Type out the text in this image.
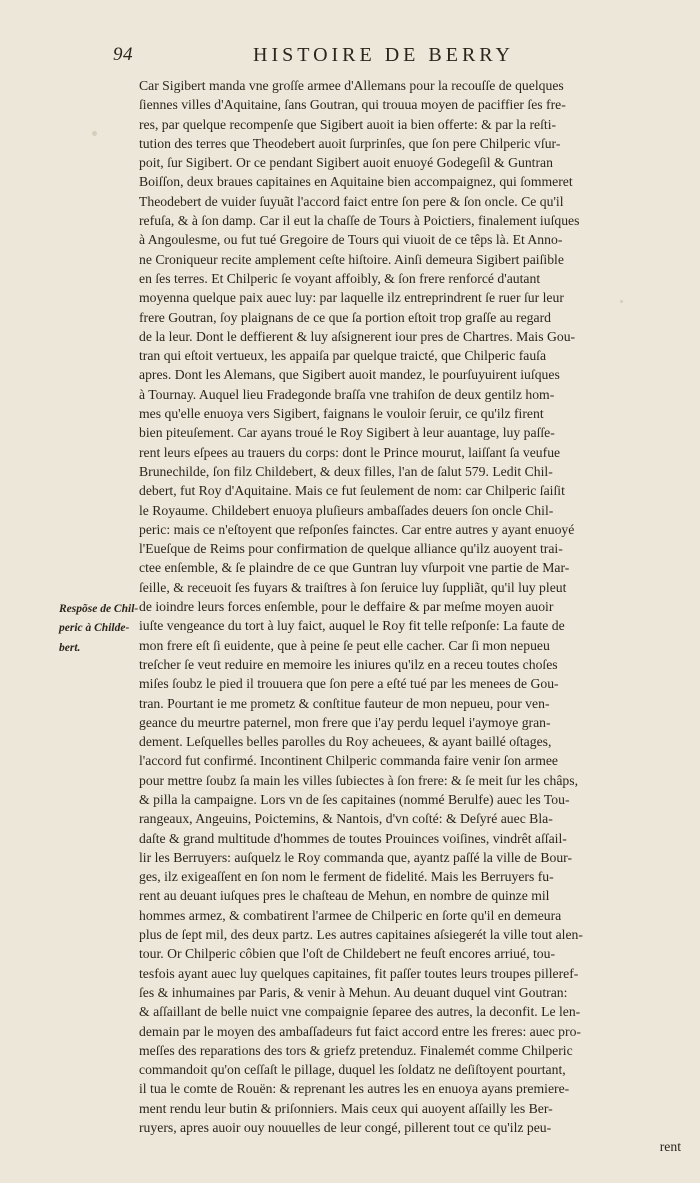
94	HISTOIRE DE BERRY
Respõse de Chil-
peric à Childe-
bert.
Car Sigibert manda vne groſſe armee d'Allemans pour la recouſſe de quelques
ſiennes villes d'Aquitaine, ſans Goutran, qui trouua moyen de paciffier ſes fre-
res, par quelque recompenſe que Sigibert auoit ia bien offerte: & par la reſti-
tution des terres que Theodebert auoit ſurprinſes, que ſon pere Chilperic vſur-
poit, ſur Sigibert. Or ce pendant Sigibert auoit enuoyé Godegeſil & Guntran
Boiſſon, deux braues capitaines en Aquitaine bien accompaignez, qui ſommeret
Theodebert de vuider ſuyuãt l'accord faict entre ſon pere & ſon oncle. Ce qu'il
refuſa, & à ſon damp. Car il eut la chaſſe de Tours à Poictiers, finalement iuſques
à Angoulesme, ou fut tué Gregoire de Tours qui viuoit de ce têps là. Et Anno-
ne Croniqueur recite amplement ceſte hiſtoire. Ainſi demeura Sigibert paiſible
en ſes terres. Et Chilperic ſe voyant affoibly, & ſon frere renforcé d'autant
moyenna quelque paix auec luy: par laquelle ilz entreprindrent ſe ruer ſur leur
frere Goutran, ſoy plaignans de ce que ſa portion eſtoit trop graſſe au regard
de la leur. Dont le deffierent & luy aſsignerent iour pres de Chartres. Mais Gou-
tran qui eſtoit vertueux, les appaiſa par quelque traicté, que Chilperic fauſa
apres. Dont les Alemans, que Sigibert auoit mandez, le pourſuyuirent iuſques
à Tournay. Auquel lieu Fradegonde braſſa vne trahiſon de deux gentilz hom-
mes qu'elle enuoya vers Sigibert, faignans le vouloir ſeruir, ce qu'ilz firent
bien piteuſement. Car ayans troué le Roy Sigibert à leur auantage, luy paſſe-
rent leurs eſpees au trauers du corps: dont le Prince mourut, laiſſant ſa veufue
Brunechilde, ſon filz Childebert, & deux filles, l'an de ſalut 579. Ledit Chil-
debert, fut Roy d'Aquitaine. Mais ce fut ſeulement de nom: car Chilperic ſaiſit
le Royaume. Childebert enuoya pluſieurs ambaſſades deuers ſon oncle Chil-
peric: mais ce n'eſtoyent que reſponſes fainctes. Car entre autres y ayant enuoyé
l'Eueſque de Reims pour confirmation de quelque alliance qu'ilz auoyent trai-
ctee enſemble, & ſe plaindre de ce que Guntran luy vſurpoit vne partie de Mar-
ſeille, & receuoit ſes fuyars & traiſtres à ſon ſeruice luy ſuppliãt, qu'il luy pleut
de ioindre leurs forces enſemble, pour le deffaire & par meſme moyen auoir
iuſte vengeance du tort à luy faict, auquel le Roy fit telle reſponſe: La faute de
mon frere eſt ſi euidente, que à peine ſe peut elle cacher. Car ſi mon nepueu
treſcher ſe veut reduire en memoire les iniures qu'ilz en a receu toutes choſes
miſes ſoubz le pied il trouuera que ſon pere a eſté tué par les menees de Gou-
tran. Pourtant ie me prometz & conſtitue fauteur de mon nepueu, pour ven-
geance du meurtre paternel, mon frere que i'ay perdu lequel i'aymoye gran-
dement. Leſquelles belles parolles du Roy acheuees, & ayant baillé oſtages,
l'accord fut confirmé. Incontinent Chilperic commanda faire venir ſon armee
pour mettre ſoubz ſa main les villes ſubiectes à ſon frere: & ſe meit ſur les châps,
& pilla la campaigne. Lors vn de ſes capitaines (nommé Berulfe) auec les Tou-
rangeaux, Angeuins, Poictemins, & Nantois, d'vn coſté: & Deſyré auec Bla-
daſte & grand multitude d'hommes de toutes Prouinces voiſines, vindrêt aſſail-
lir les Berruyers: auſquelz le Roy commanda que, ayantz paſſé la ville de Bour-
ges, ilz exigeaſſent en ſon nom le ferment de fidelité. Mais les Berruyers fu-
rent au deuant iuſques pres le chaſteau de Mehun, en nombre de quinze mil
hommes armez, & combatirent l'armee de Chilperic en ſorte qu'il en demeura
plus de ſept mil, des deux partz. Les autres capitaines aſsiegerét la ville tout alen-
tour. Or Chilperic côbien que l'oſt de Childebert ne feuſt encores arriué, tou-
tesfois ayant auec luy quelques capitaines, fit paſſer toutes leurs troupes pilleref-
ſes & inhumaines par Paris, & venir à Mehun. Au deuant duquel vint Goutran:
& aſſaillant de belle nuict vne compaignie ſeparee des autres, la deconfit. Le len-
demain par le moyen des ambaſſadeurs fut faict accord entre les freres: auec pro-
meſſes des reparations des tors & griefz pretenduz. Finalemét comme Chilperic
commandoit qu'on ceſſaſt le pillage, duquel les ſoldatz ne deſiſtoyent pourtant,
il tua le comte de Rouën: & reprenant les autres les en enuoya ayans premiere-
ment rendu leur butin & priſonniers. Mais ceux qui auoyent aſſailly les Ber-
ruyers, apres auoir ouy nouuelles de leur congé, pillerent tout ce qu'ilz peu-
rent
